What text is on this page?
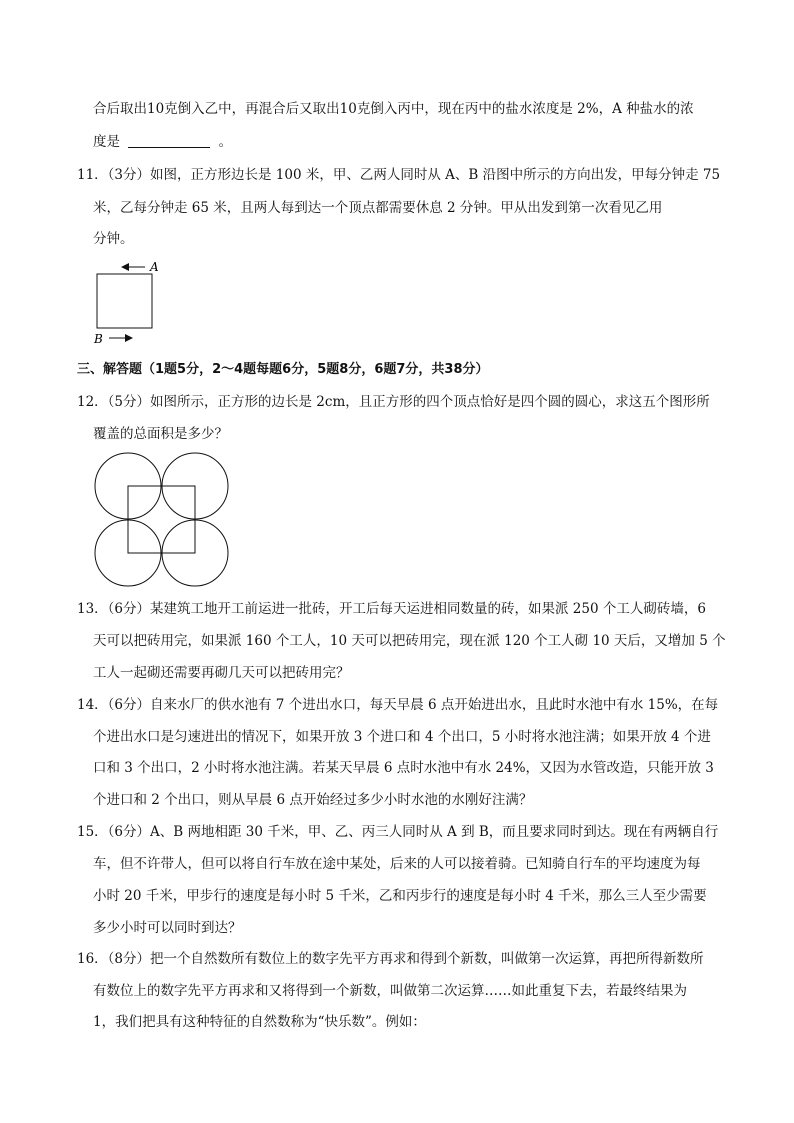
合后取出10克倒入乙中，再混合后又取出10克倒入丙中，现在丙中的盐水浓度是 2%，A 种盐水的浓
度是	。
11．（3分）如图，正方形边长是 100 米，甲、乙两人同时从 A、B 沿图中所示的方向出发，甲每分钟走 75
米，乙每分钟走 65 米，且两人每到达一个顶点都需要休息 2 分钟。甲从出发到第一次看见乙用
分钟。
A
B
三、解答题（1题5分，2～4题每题6分，5题8分，6题7分，共38分）
12．（5分）如图所示，正方形的边长是 2cm，且正方形的四个顶点恰好是四个圆的圆心，求这五个图形所
覆盖的总面积是多少？
13．（6分）某建筑工地开工前运进一批砖，开工后每天运进相同数量的砖，如果派 250 个工人砌砖墙，6
天可以把砖用完，如果派 160 个工人，10 天可以把砖用完，现在派 120 个工人砌 10 天后，又增加 5 个
工人一起砌还需要再砌几天可以把砖用完？
14．（6分）自来水厂的供水池有 7 个进出水口，每天早晨 6 点开始进出水，且此时水池中有水 15%，在每
个进出水口是匀速进出的情况下，如果开放 3 个进口和 4 个出口，5 小时将水池注满；如果开放 4 个进
口和 3 个出口，2 小时将水池注满。若某天早晨 6 点时水池中有水 24%，又因为水管改造，只能开放 3
个进口和 2 个出口，则从早晨 6 点开始经过多少小时水池的水刚好注满？
15．（6分）A、B 两地相距 30 千米，甲、乙、丙三人同时从 A 到 B，而且要求同时到达。现在有两辆自行
车，但不许带人，但可以将自行车放在途中某处，后来的人可以接着骑。已知骑自行车的平均速度为每
小时 20 千米，甲步行的速度是每小时 5 千米，乙和丙步行的速度是每小时 4 千米，那么三人至少需要
多少小时可以同时到达？
16．（8分）把一个自然数所有数位上的数字先平方再求和得到个新数，叫做第一次运算，再把所得新数所
有数位上的数字先平方再求和又将得到一个新数，叫做第二次运算……如此重复下去，若最终结果为
1，我们把具有这种特征的自然数称为“快乐数”。例如：
